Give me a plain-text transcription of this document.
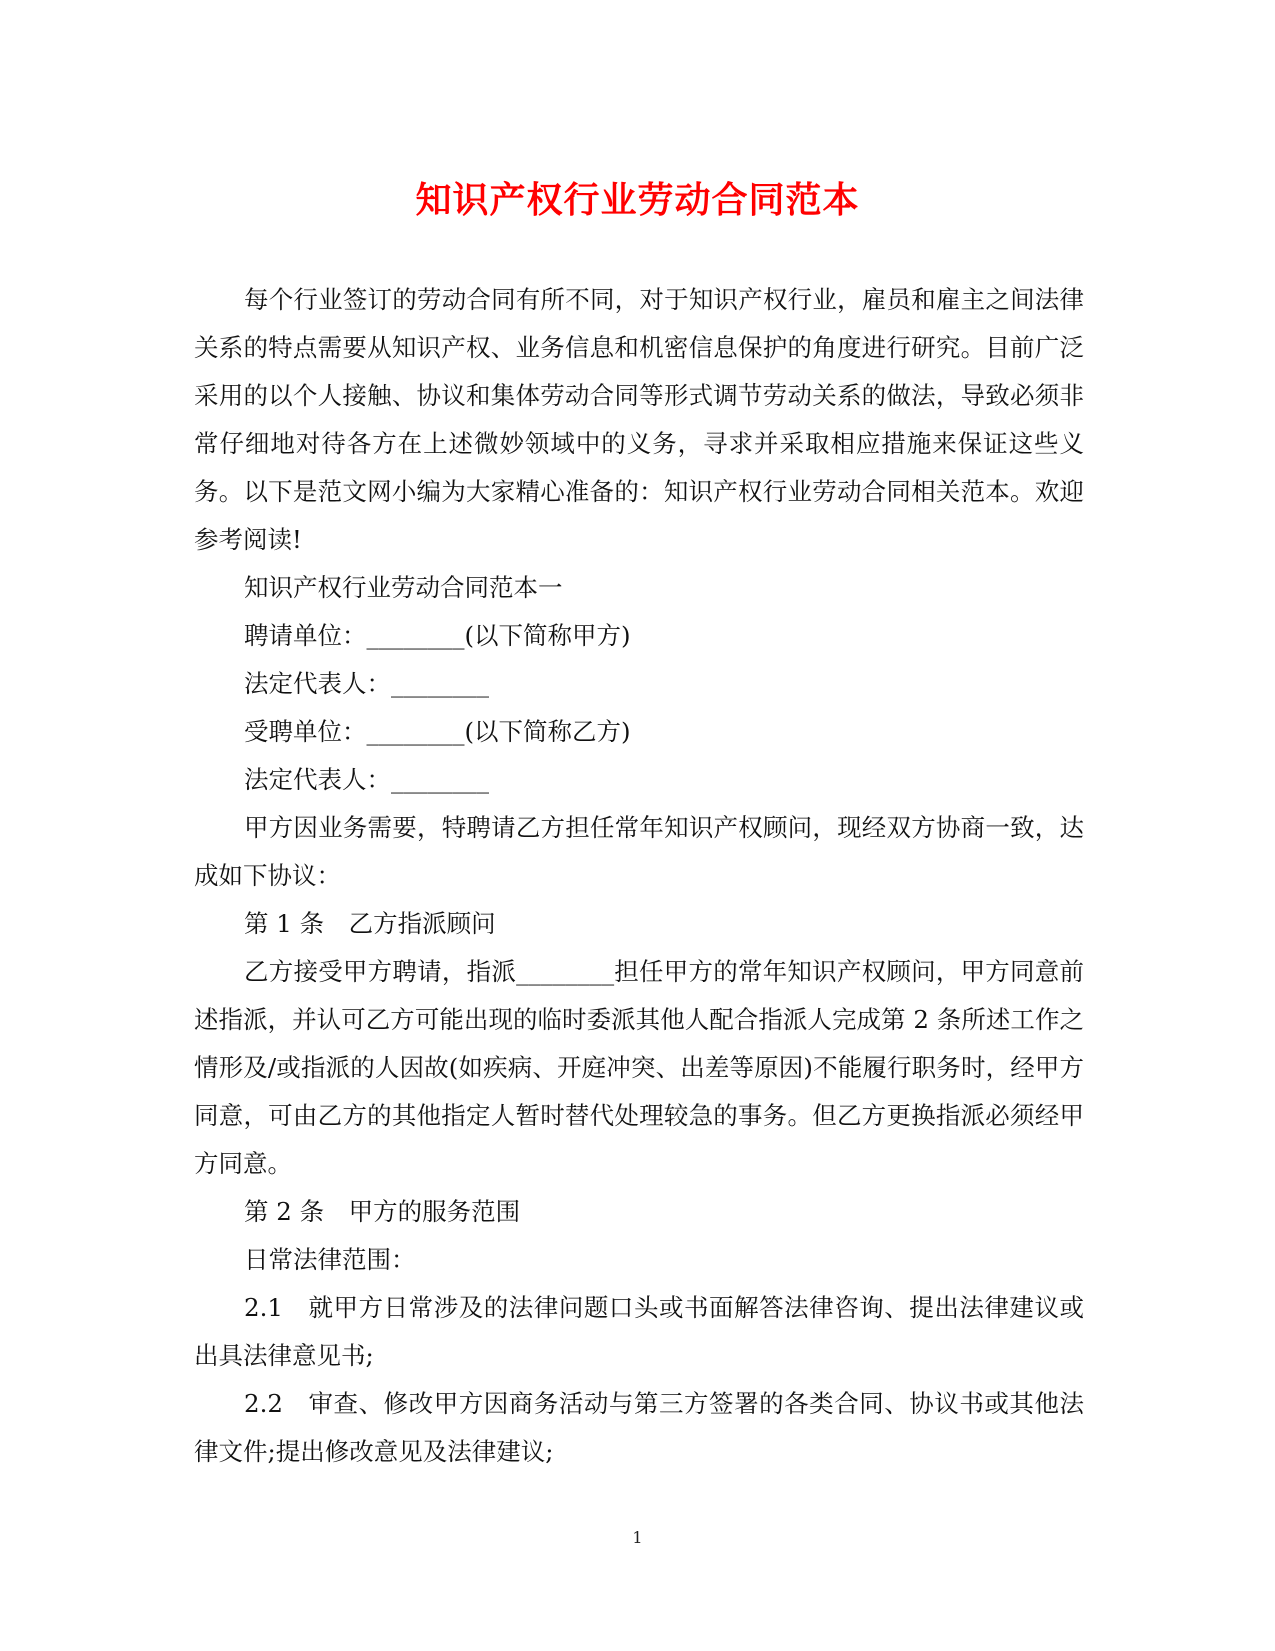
知识产权行业劳动合同范本

每个行业签订的劳动合同有所不同，对于知识产权行业，雇员和雇主之间法律关系的特点需要从知识产权、业务信息和机密信息保护的角度进行研究。目前广泛采用的以个人接触、协议和集体劳动合同等形式调节劳动关系的做法，导致必须非常仔细地对待各方在上述微妙领域中的义务，寻求并采取相应措施来保证这些义务。以下是范文网小编为大家精心准备的：知识产权行业劳动合同相关范本。欢迎参考阅读!

知识产权行业劳动合同范本一

聘请单位：________(以下简称甲方)

法定代表人：________

受聘单位：________(以下简称乙方)

法定代表人：________

甲方因业务需要，特聘请乙方担任常年知识产权顾问，现经双方协商一致，达成如下协议：

第 1 条　乙方指派顾问

乙方接受甲方聘请，指派________担任甲方的常年知识产权顾问，甲方同意前述指派，并认可乙方可能出现的临时委派其他人配合指派人完成第 2 条所述工作之情形及/或指派的人因故(如疾病、开庭冲突、出差等原因)不能履行职务时，经甲方同意，可由乙方的其他指定人暂时替代处理较急的事务。但乙方更换指派必须经甲方同意。

第 2 条　甲方的服务范围

日常法律范围：

2.1　就甲方日常涉及的法律问题口头或书面解答法律咨询、提出法律建议或出具法律意见书;

2.2　审查、修改甲方因商务活动与第三方签署的各类合同、协议书或其他法律文件;提出修改意见及法律建议;

1
